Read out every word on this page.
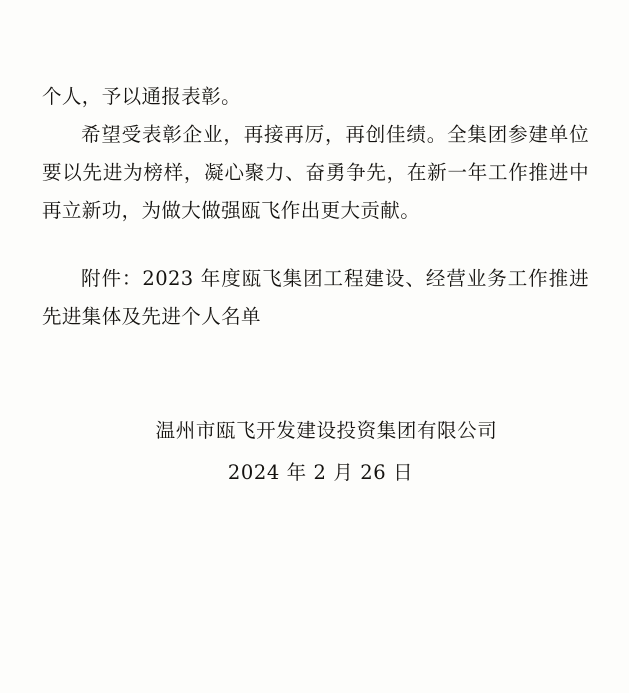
个人，予以通报表彰。

希望受表彰企业，再接再厉，再创佳绩。全集团参建单位要以先进为榜样，凝心聚力、奋勇争先，在新一年工作推进中再立新功，为做大做强瓯飞作出更大贡献。

附件：2023 年度瓯飞集团工程建设、经营业务工作推进先进集体及先进个人名单

温州市瓯飞开发建设投资集团有限公司
2024 年 2 月 26 日
